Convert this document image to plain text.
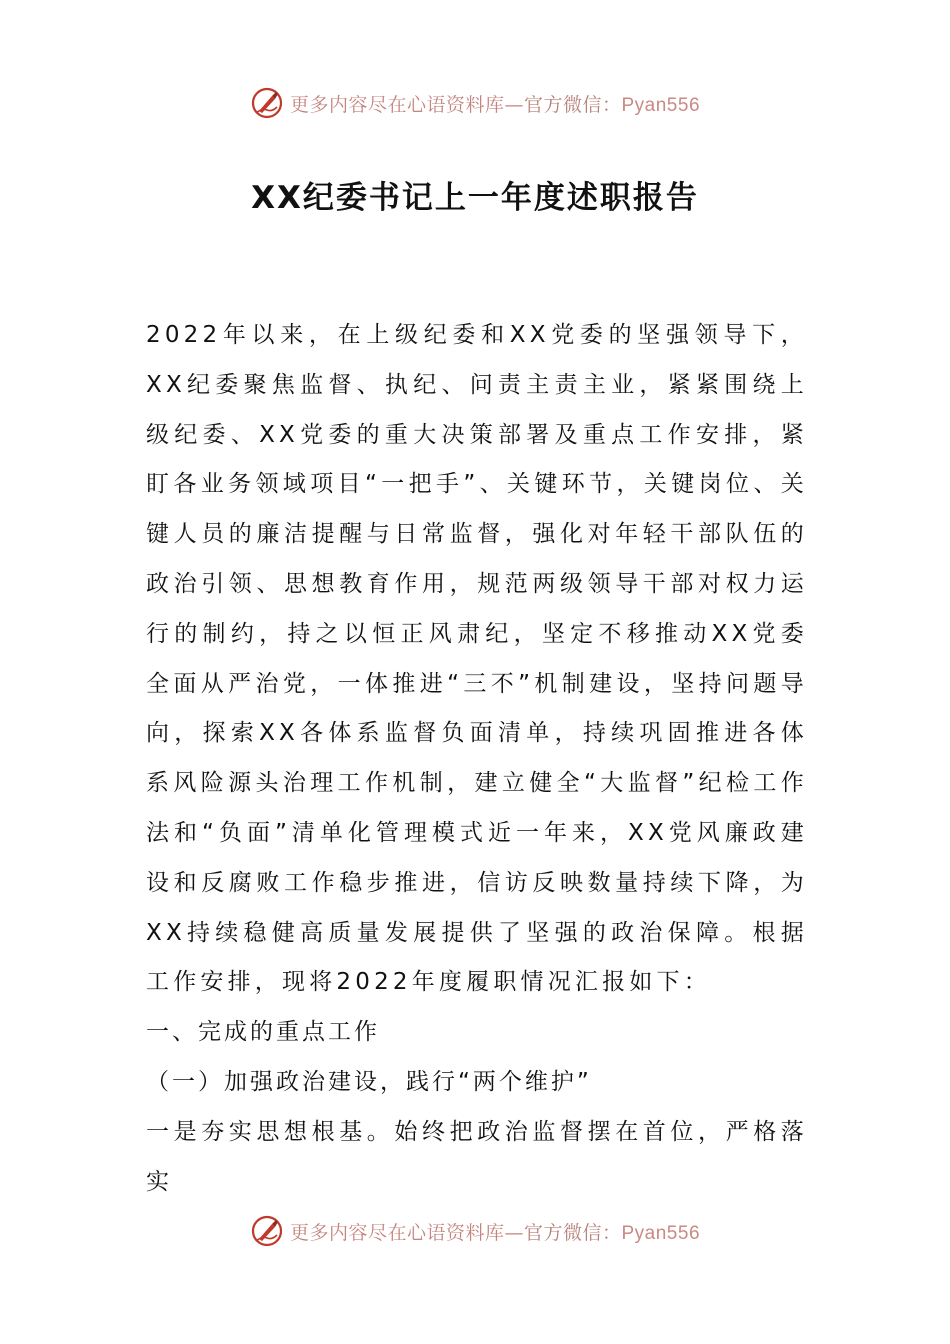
更多内容尽在心语资料库—官方微信：Pyan556
XX纪委书记上一年度述职报告

2022年以来，在上级纪委和XX党委的坚强领导下，XX纪委聚焦监督、执纪、问责主责主业，紧紧围绕上级纪委、XX党委的重大决策部署及重点工作安排，紧盯各业务领域项目“一把手”、关键环节，关键岗位、关键人员的廉洁提醒与日常监督，强化对年轻干部队伍的政治引领、思想教育作用，规范两级领导干部对权力运行的制约，持之以恒正风肃纪，坚定不移推动XX党委全面从严治党，一体推进“三不”机制建设，坚持问题导向，探索XX各体系监督负面清单，持续巩固推进各体系风险源头治理工作机制，建立健全“大监督”纪检工作法和“负面”清单化管理模式近一年来，XX党风廉政建设和反腐败工作稳步推进，信访反映数量持续下降，为XX持续稳健高质量发展提供了坚强的政治保障。根据工作安排，现将2022年度履职情况汇报如下：

一、完成的重点工作

（一）加强政治建设，践行“两个维护”

一是夯实思想根基。始终把政治监督摆在首位，严格落实

更多内容尽在心语资料库—官方微信：Pyan556
